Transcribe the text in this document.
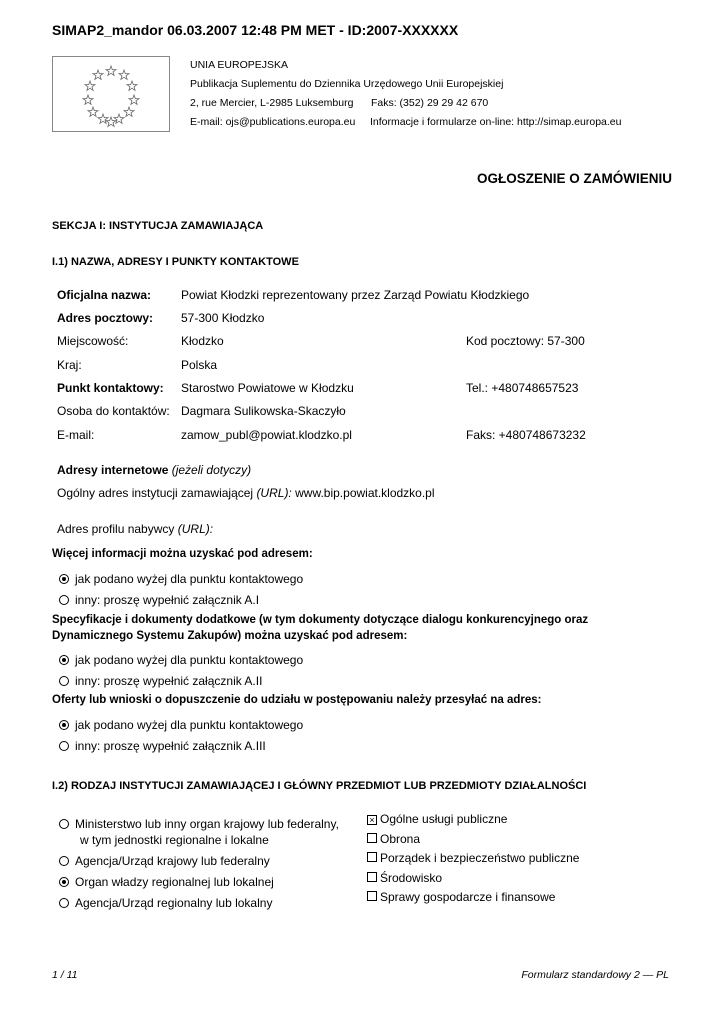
SIMAP2_mandor 06.03.2007 12:48 PM MET - ID:2007-XXXXXX
UNIA EUROPEJSKA
Publikacja Suplementu do Dziennika Urzędowego Unii Europejskiej
2, rue Mercier, L-2985 Luksemburg Faks: (352) 29 29 42 670
E-mail: ojs@publications.europa.eu Informacje i formularze on-line: http://simap.europa.eu
OGŁOSZENIE O ZAMÓWIENIU
SEKCJA I: INSTYTUCJA ZAMAWIAJĄCA
I.1) NAZWA, ADRESY I PUNKTY KONTAKTOWE
Oficjalna nazwa: Powiat Kłodzki reprezentowany przez Zarząd Powiatu Kłodzkiego
Adres pocztowy: 57-300 Kłodzko
Miejscowość:	Kłodzko	Kod pocztowy: 57-300
Kraj:	Polska
Punkt kontaktowy: Starostwo Powiatowe w Kłodzku	Tel.: +480748657523
Osoba do kontaktów: Dagmara Sulikowska-Skaczyło
E-mail:	zamow_publ@powiat.klodzko.pl	Faks: +480748673232
Adresy internetowe (jeżeli dotyczy)
Ogólny adres instytucji zamawiającej (URL): www.bip.powiat.klodzko.pl
Adres profilu nabywcy (URL):
Więcej informacji można uzyskać pod adresem:
jak podano wyżej dla punktu kontaktowego
inny: proszę wypełnić załącznik A.I
Specyfikacje i dokumenty dodatkowe (w tym dokumenty dotyczące dialogu konkurencyjnego oraz
Dynamicznego Systemu Zakupów) można uzyskać pod adresem:
jak podano wyżej dla punktu kontaktowego
inny: proszę wypełnić załącznik A.II
Oferty lub wnioski o dopuszczenie do udziału w postępowaniu należy przesyłać na adres:
jak podano wyżej dla punktu kontaktowego
inny: proszę wypełnić załącznik A.III
I.2) RODZAJ INSTYTUCJI ZAMAWIAJĄCEJ I GŁÓWNY PRZEDMIOT LUB PRZEDMIOTY DZIAŁALNOŚCI
Ministerstwo lub inny organ krajowy lub federalny,
w tym jednostki regionalne i lokalne
Agencja/Urząd krajowy lub federalny
Organ władzy regionalnej lub lokalnej
Agencja/Urząd regionalny lub lokalny
× Ogólne usługi publiczne
Obrona
Porządek i bezpieczeństwo publiczne
Środowisko
Sprawy gospodarcze i finansowe
1 / 11	Formularz standardowy 2 — PL
